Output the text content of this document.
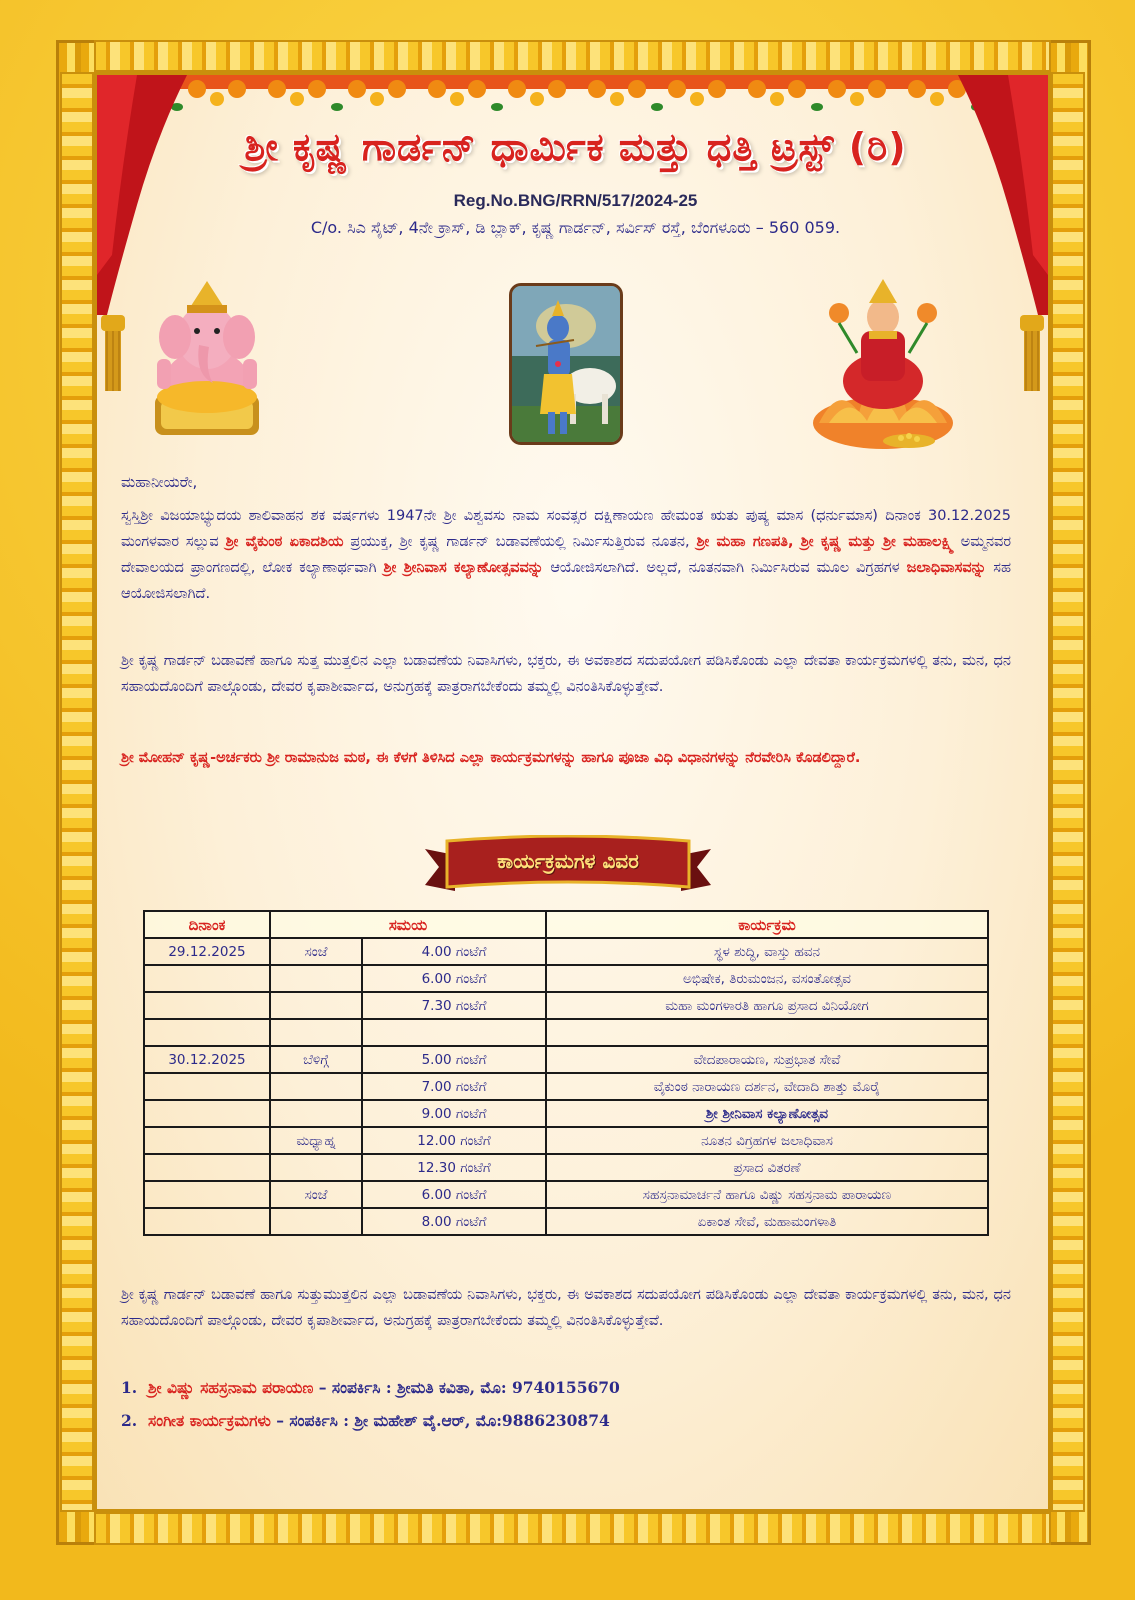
ಶ್ರೀ ಕೃಷ್ಣ ಗಾರ್ಡನ್ ಧಾರ್ಮಿಕ ಮತ್ತು ಧತ್ತಿ ಟ್ರಸ್ಟ್ (ರಿ)
Reg.No.BNG/RRN/517/2024-25
C/o. ಸಿಎ ಸೈಟ್, 4ನೇ ಕ್ರಾಸ್, ಡಿ ಬ್ಲಾಕ್, ಕೃಷ್ಣ ಗಾರ್ಡನ್, ಸರ್ವಿಸ್ ರಸ್ತೆ, ಬೆಂಗಳೂರು – 560 059.
ಮಹಾನೀಯರೇ,
ಸ್ವಸ್ತಿಶ್ರೀ ವಿಜಯಾಭ್ಯುದಯ ಶಾಲಿವಾಹನ ಶಕ ವರ್ಷಗಳು 1947ನೇ ಶ್ರೀ ವಿಶ್ವವಸು ನಾಮ ಸಂವತ್ಸರ ದಕ್ಷಿಣಾಯಣ ಹೇಮಂತ ಋತು ಪುಷ್ಯ ಮಾಸ (ಧರ್ನುಮಾಸ) ದಿನಾಂಕ 30.12.2025 ಮಂಗಳವಾರ ಸಲ್ಲುವ ಶ್ರೀ ವೈಕುಂಠ ಏಕಾದಶಿಯ ಪ್ರಯುಕ್ತ, ಶ್ರೀ ಕೃಷ್ಣ ಗಾರ್ಡನ್ ಬಡಾವಣೆಯಲ್ಲಿ ನಿರ್ಮಿಸುತ್ತಿರುವ ನೂತನ, ಶ್ರೀ ಮಹಾ ಗಣಪತಿ, ಶ್ರೀ ಕೃಷ್ಣ ಮತ್ತು ಶ್ರೀ ಮಹಾಲಕ್ಷ್ಮಿ ಅಮ್ಮನವರ ದೇವಾಲಯದ ಪ್ರಾಂಗಣದಲ್ಲಿ, ಲೋಕ ಕಲ್ಯಾಣಾರ್ಥವಾಗಿ ಶ್ರೀ ಶ್ರೀನಿವಾಸ ಕಲ್ಯಾಣೋತ್ಸವವನ್ನು ಆಯೋಜಿಸಲಾಗಿದೆ. ಅಲ್ಲದೆ, ನೂತನವಾಗಿ ನಿರ್ಮಿಸಿರುವ ಮೂಲ ವಿಗ್ರಹಗಳ ಜಲಾಧಿವಾಸವನ್ನು ಸಹ ಆಯೋಜಿಸಲಾಗಿದೆ.
ಶ್ರೀ ಕೃಷ್ಣ ಗಾರ್ಡನ್ ಬಡಾವಣೆ ಹಾಗೂ ಸುತ್ತ ಮುತ್ತಲಿನ ಎಲ್ಲಾ ಬಡಾವಣೆಯ ನಿವಾಸಿಗಳು, ಭಕ್ತರು, ಈ ಅವಕಾಶದ ಸದುಪಯೋಗ ಪಡಿಸಿಕೊಂಡು ಎಲ್ಲಾ ದೇವತಾ ಕಾರ್ಯಕ್ರಮಗಳಲ್ಲಿ ತನು, ಮನ, ಧನ ಸಹಾಯದೊಂದಿಗೆ ಪಾಲ್ಗೊಂಡು, ದೇವರ ಕೃಪಾಶೀರ್ವಾದ, ಅನುಗ್ರಹಕ್ಕೆ ಪಾತ್ರರಾಗಬೇಕೆಂದು ತಮ್ಮಲ್ಲಿ ವಿನಂತಿಸಿಕೊಳ್ಳುತ್ತೇವೆ.
ಶ್ರೀ ಮೋಹನ್ ಕೃಷ್ಣ-ಅರ್ಚಕರು ಶ್ರೀ ರಾಮಾನುಜ ಮಠ, ಈ ಕೆಳಗೆ ತಿಳಿಸಿದ ಎಲ್ಲಾ ಕಾರ್ಯಕ್ರಮಗಳನ್ನು ಹಾಗೂ ಪೂಜಾ ವಿಧಿ ವಿಧಾನಗಳನ್ನು ನೆರವೇರಿಸಿ ಕೊಡಲಿದ್ದಾರೆ.
ಕಾರ್ಯಕ್ರಮಗಳ ವಿವರ
ದಿನಾಂಕ	ಸಮಯ		ಕಾರ್ಯಕ್ರಮ
29.12.2025	ಸಂಜೆ	4.00 ಗಂಟೆಗೆ	ಸ್ಥಳ ಶುದ್ಧಿ, ವಾಸ್ತು ಹವನ
		6.00 ಗಂಟೆಗೆ	ಅಭಿಷೇಕ, ತಿರುಮಂಜನ, ವಸಂತೋತ್ಸವ
		7.30 ಗಂಟೆಗೆ	ಮಹಾ ಮಂಗಳಾರತಿ ಹಾಗೂ ಪ್ರಸಾದ ವಿನಿಯೋಗ

30.12.2025	ಬೆಳಿಗ್ಗೆ	5.00 ಗಂಟೆಗೆ	ವೇದಪಾರಾಯಣ, ಸುಪ್ರಭಾತ ಸೇವೆ
		7.00 ಗಂಟೆಗೆ	ವೈಕುಂಠ ನಾರಾಯಣ ದರ್ಶನ, ವೇದಾದಿ ಶಾತ್ತು ಮೊರೈ
		9.00 ಗಂಟೆಗೆ	ಶ್ರೀ ಶ್ರೀನಿವಾಸ ಕಲ್ಯಾಣೋತ್ಸವ
	ಮಧ್ಯಾಹ್ನ	12.00 ಗಂಟೆಗೆ	ನೂತನ ವಿಗ್ರಹಗಳ ಜಲಾಧಿವಾಸ
		12.30 ಗಂಟೆಗೆ	ಪ್ರಸಾದ ವಿತರಣೆ
	ಸಂಜೆ	6.00 ಗಂಟೆಗೆ	ಸಹಸ್ರನಾಮಾರ್ಚನೆ ಹಾಗೂ ವಿಷ್ಣು ಸಹಸ್ರನಾಮ ಪಾರಾಯಣ
		8.00 ಗಂಟೆಗೆ	ಏಕಾಂತ ಸೇವೆ, ಮಹಾಮಂಗಳಾತಿ
ಶ್ರೀ ಕೃಷ್ಣ ಗಾರ್ಡನ್ ಬಡಾವಣೆ ಹಾಗೂ ಸುತ್ತುಮುತ್ತಲಿನ ಎಲ್ಲಾ ಬಡಾವಣೆಯ ನಿವಾಸಿಗಳು, ಭಕ್ತರು, ಈ ಅವಕಾಶದ ಸದುಪಯೋಗ ಪಡಿಸಿಕೊಂಡು ಎಲ್ಲಾ ದೇವತಾ ಕಾರ್ಯಕ್ರಮಗಳಲ್ಲಿ ತನು, ಮನ, ಧನ ಸಹಾಯದೊಂದಿಗೆ ಪಾಲ್ಗೊಂಡು, ದೇವರ ಕೃಪಾಶೀರ್ವಾದ, ಅನುಗ್ರಹಕ್ಕೆ ಪಾತ್ರರಾಗಬೇಕೆಂದು ತಮ್ಮಲ್ಲಿ ವಿನಂತಿಸಿಕೊಳ್ಳುತ್ತೇವೆ.
1. ಶ್ರೀ ವಿಷ್ಣು ಸಹಸ್ರನಾಮ ಪರಾಯಣ – ಸಂಪರ್ಕಿಸಿ : ಶ್ರೀಮತಿ ಕವಿತಾ, ಮೊ: 9740155670
2. ಸಂಗೀತ ಕಾರ್ಯಕ್ರಮಗಳು – ಸಂಪರ್ಕಿಸಿ : ಶ್ರೀ ಮಹೇಶ್ ವೈ.ಆರ್, ಮೊ:9886230874
